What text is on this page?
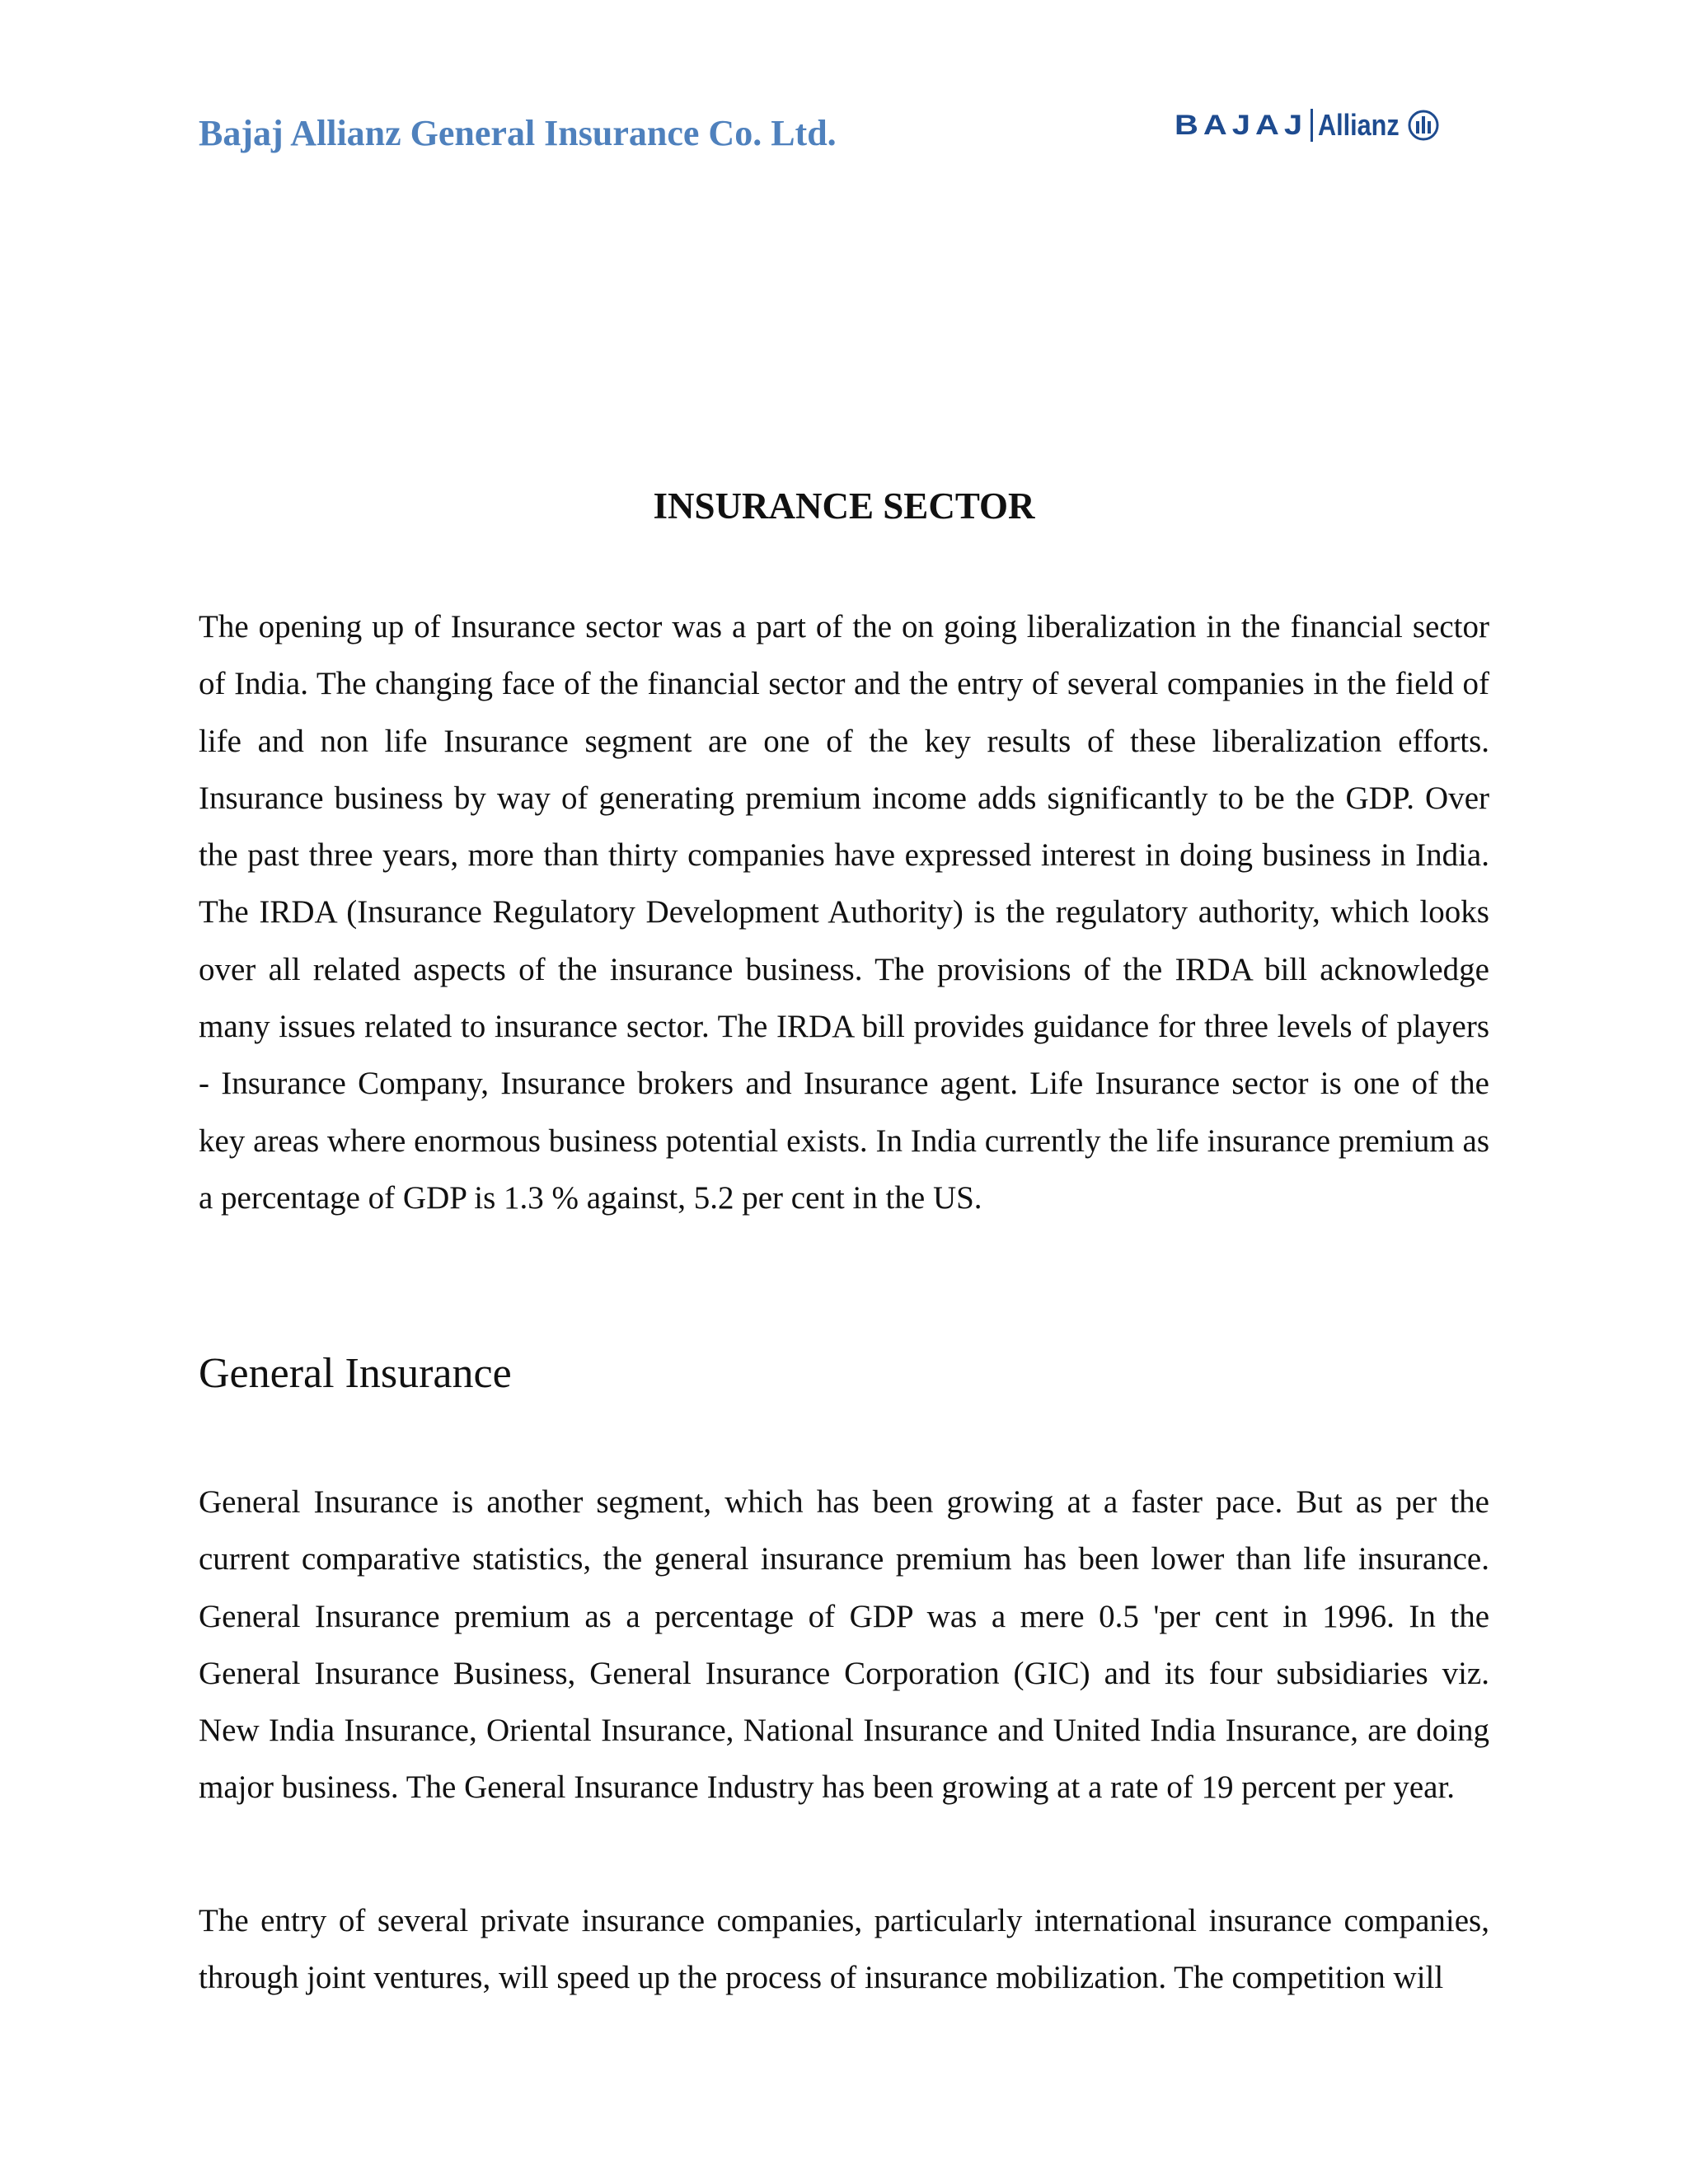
Bajaj Allianz General Insurance Co. Ltd.	BAJAJ Allianz
INSURANCE SECTOR

The opening up of Insurance sector was a part of the on going liberalization in the financial sector of India. The changing face of the financial sector and the entry of several companies in the field of life and non life Insurance segment are one of the key results of these liberalization efforts. Insurance business by way of generating premium income adds significantly to be the GDP. Over the past three years, more than thirty companies have expressed interest in doing business in India. The IRDA (Insurance Regulatory Development Authority) is the regulatory authority, which looks over all related aspects of the insurance business. The provisions of the IRDA bill acknowledge many issues related to insurance sector. The IRDA bill provides guidance for three levels of players - Insurance Company, Insurance brokers and Insurance agent. Life Insurance sector is one of the key areas where enormous business potential exists. In India currently the life insurance premium as a percentage of GDP is 1.3 % against, 5.2 per cent in the US.

General Insurance

General Insurance is another segment, which has been growing at a faster pace. But as per the current comparative statistics, the general insurance premium has been lower than life insurance. General Insurance premium as a percentage of GDP was a mere 0.5 'per cent in 1996. In the General Insurance Business, General Insurance Corporation (GIC) and its four subsidiaries viz. New India Insurance, Oriental Insurance, National Insurance and United India Insurance, are doing major business. The General Insurance Industry has been growing at a rate of 19 percent per year.

The entry of several private insurance companies, particularly international insurance companies, through joint ventures, will speed up the process of insurance mobilization. The competition will
